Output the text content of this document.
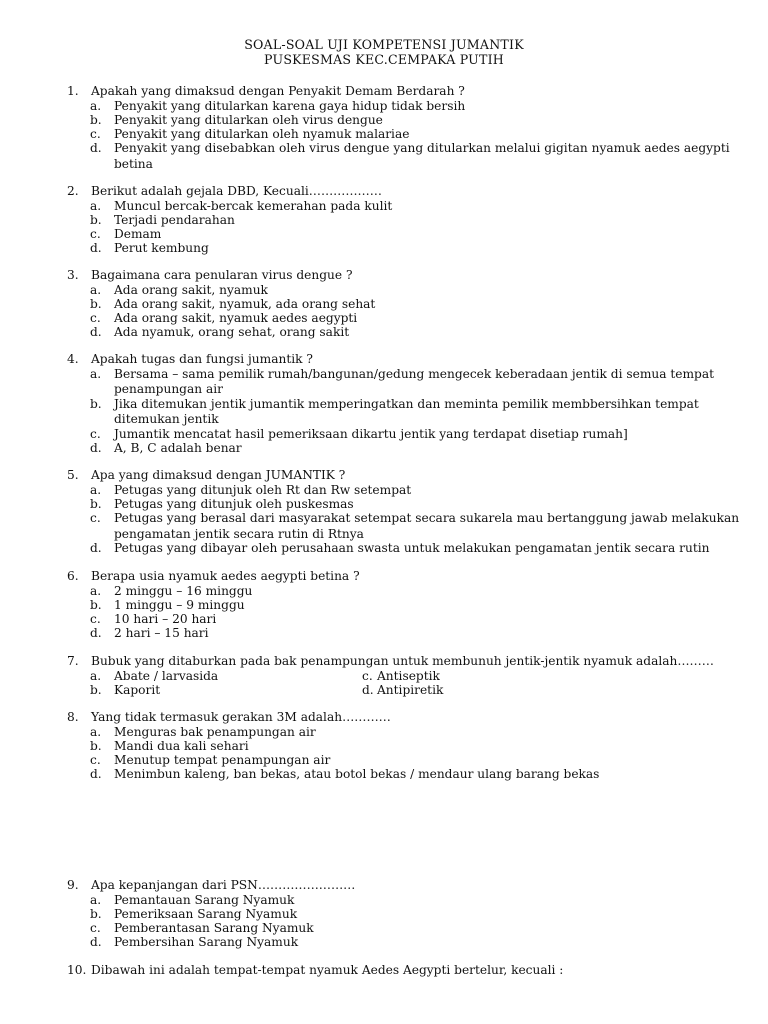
SOAL-SOAL UJI KOMPETENSI JUMANTIK
PUSKESMAS KEC.CEMPAKA PUTIH
1. Apakah yang dimaksud dengan Penyakit Demam Berdarah ?
a. Penyakit yang ditularkan karena gaya hidup tidak bersih
b. Penyakit yang ditularkan oleh virus dengue
c. Penyakit yang ditularkan oleh nyamuk malariae
d. Penyakit yang disebabkan oleh virus dengue yang ditularkan melalui gigitan nyamuk aedes aegypti
betina
2. Berikut adalah gejala DBD, Kecuali………………
a. Muncul bercak-bercak kemerahan pada kulit
b. Terjadi pendarahan
c. Demam
d. Perut kembung
3. Bagaimana cara penularan virus dengue ?
a. Ada orang sakit, nyamuk
b. Ada orang sakit, nyamuk, ada orang sehat
c. Ada orang sakit, nyamuk aedes aegypti
d. Ada nyamuk, orang sehat, orang sakit
4. Apakah tugas dan fungsi jumantik ?
a. Bersama – sama pemilik rumah/bangunan/gedung mengecek keberadaan jentik di semua tempat
penampungan air
b. Jika ditemukan jentik jumantik memperingatkan dan meminta pemilik membbersihkan tempat
ditemukan jentik
c. Jumantik mencatat hasil pemeriksaan dikartu jentik yang terdapat disetiap rumah]
d. A, B, C adalah benar
5. Apa yang dimaksud dengan JUMANTIK ?
a. Petugas yang ditunjuk oleh Rt dan Rw setempat
b. Petugas yang ditunjuk oleh puskesmas
c. Petugas yang berasal dari masyarakat setempat secara sukarela mau bertanggung jawab melakukan
pengamatan jentik secara rutin di Rtnya
d. Petugas yang dibayar oleh perusahaan swasta untuk melakukan pengamatan jentik secara rutin
6. Berapa usia nyamuk aedes aegypti betina ?
a. 2 minggu – 16 minggu
b. 1 minggu – 9 minggu
c. 10 hari – 20 hari
d. 2 hari – 15 hari
7. Bubuk yang ditaburkan pada bak penampungan untuk membunuh jentik-jentik nyamuk adalah………
a. Abate / larvasida
b. Kaporit
c. Antiseptik
d. Antipiretik
8. Yang tidak termasuk gerakan 3M adalah…………
a. Menguras bak penampungan air
b. Mandi dua kali sehari
c. Menutup tempat penampungan air
d. Menimbun kaleng, ban bekas, atau botol bekas / mendaur ulang barang bekas
9. Apa kepanjangan dari PSN……………………
a. Pemantauan Sarang Nyamuk
b. Pemeriksaan Sarang Nyamuk
c. Pemberantasan Sarang Nyamuk
d. Pembersihan Sarang Nyamuk
10. Dibawah ini adalah tempat-tempat nyamuk Aedes Aegypti bertelur, kecuali :
